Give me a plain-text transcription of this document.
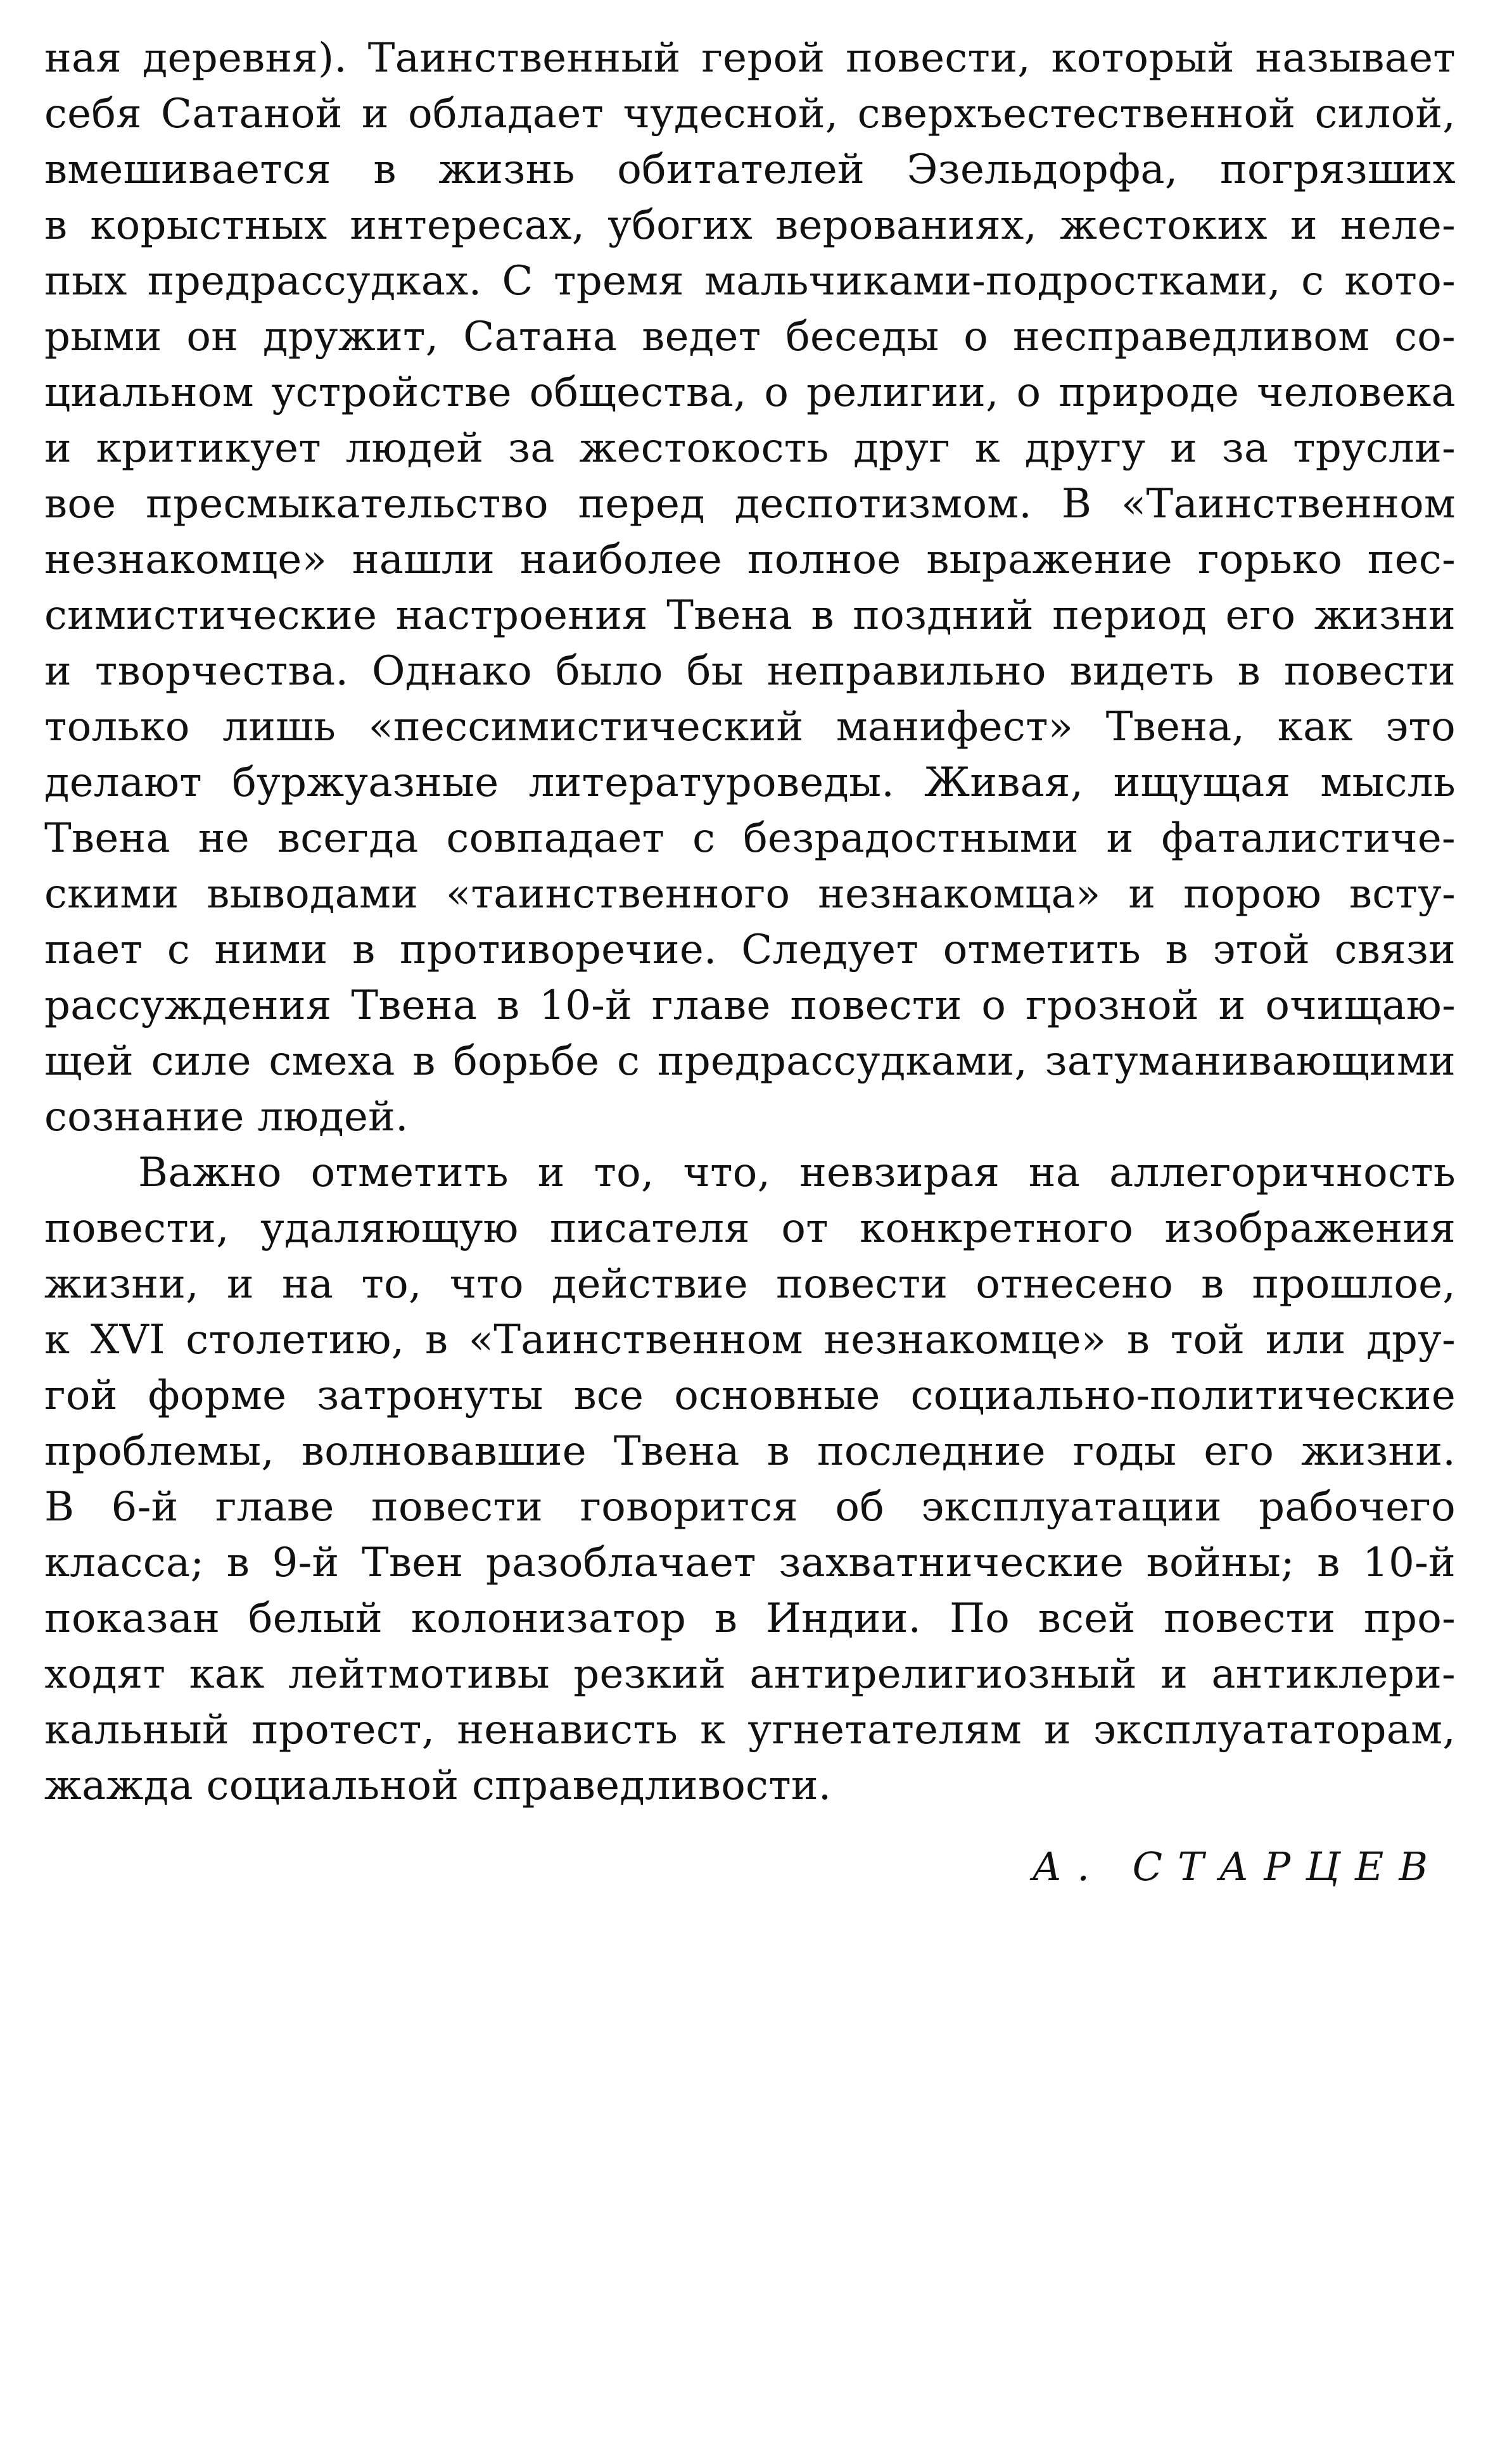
ная деревня). Таинственный герой повести, который называет
себя Сатаной и обладает чудесной, сверхъестественной силой,
вмешивается в жизнь обитателей Эзельдорфа, погрязших
в корыстных интересах, убогих верованиях, жестоких и неле-
пых предрассудках. С тремя мальчиками-подростками, с кото-
рыми он дружит, Сатана ведет беседы о несправедливом со-
циальном устройстве общества, о религии, о природе человека
и критикует людей за жестокость друг к другу и за трусли-
вое пресмыкательство перед деспотизмом. В «Таинственном
незнакомце» нашли наиболее полное выражение горько пес-
симистические настроения Твена в поздний период его жизни
и творчества. Однако было бы неправильно видеть в повести
только лишь «пессимистический манифест» Твена, как это
делают буржуазные литературоведы. Живая, ищущая мысль
Твена не всегда совпадает с безрадостными и фаталистиче-
скими выводами «таинственного незнакомца» и порою всту-
пает с ними в противоречие. Следует отметить в этой связи
рассуждения Твена в 10-й главе повести о грозной и очищаю-
щей силе смеха в борьбе с предрассудками, затуманивающими
сознание людей.
Важно отметить и то, что, невзирая на аллегоричность
повести, удаляющую писателя от конкретного изображения
жизни, и на то, что действие повести отнесено в прошлое,
к XVI столетию, в «Таинственном незнакомце» в той или дру-
гой форме затронуты все основные социально-политические
проблемы, волновавшие Твена в последние годы его жизни.
В 6-й главе повести говорится об эксплуатации рабочего
класса; в 9-й Твен разоблачает захватнические войны; в 10-й
показан белый колонизатор в Индии. По всей повести про-
ходят как лейтмотивы резкий антирелигиозный и антиклери-
кальный протест, ненависть к угнетателям и эксплуататорам,
жажда социальной справедливости.
А. СТАРЦЕВ
